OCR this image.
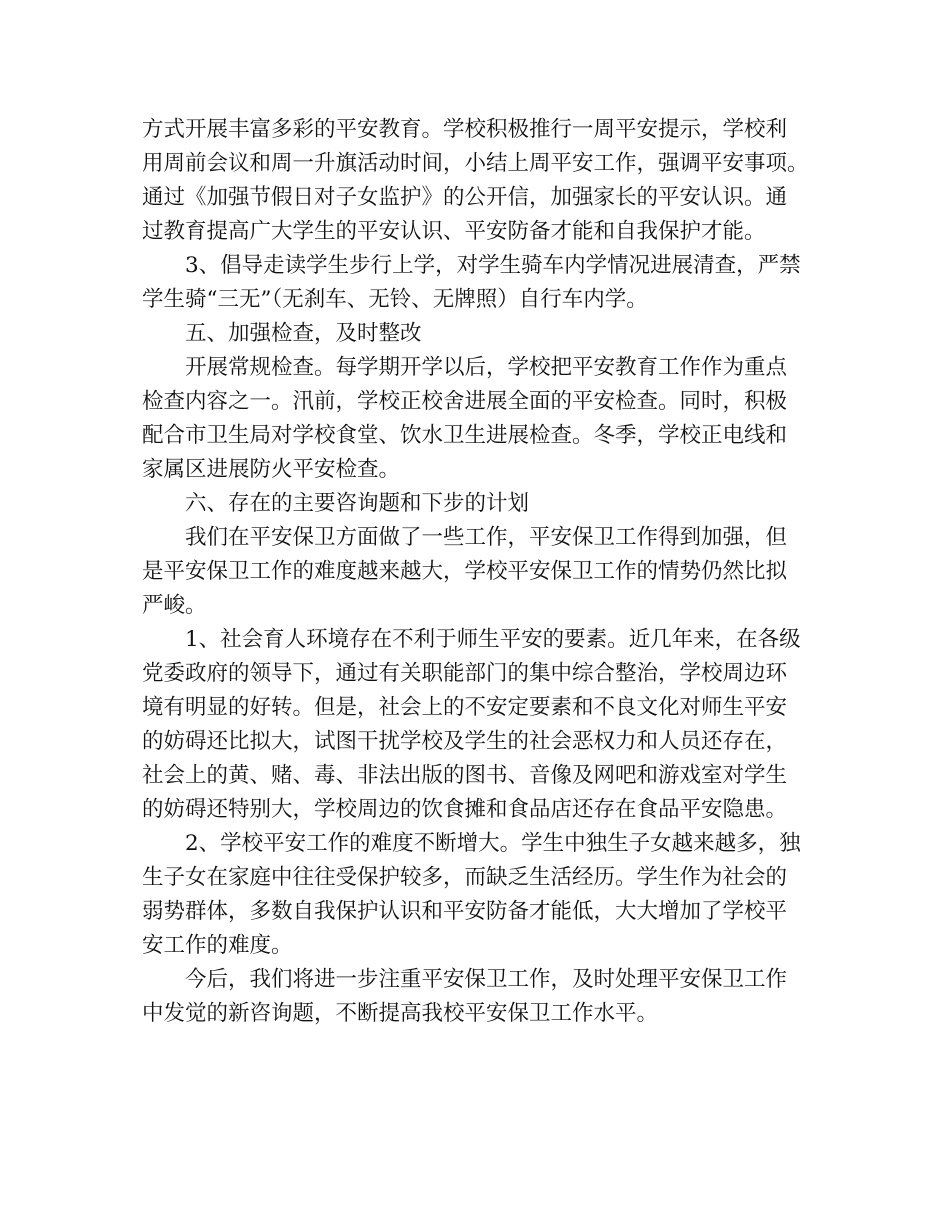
方式开展丰富多彩的平安教育。学校积极推行一周平安提示，学校利
用周前会议和周一升旗活动时间，小结上周平安工作，强调平安事项。
通过《加强节假日对子女监护》的公开信，加强家长的平安认识。通
过教育提高广大学生的平安认识、平安防备才能和自我保护才能。
3、倡导走读学生步行上学，对学生骑车内学情况进展清查，严禁
学生骑“三无”（无刹车、无铃、无牌照）自行车内学。
五、加强检查，及时整改
开展常规检查。每学期开学以后，学校把平安教育工作作为重点
检查内容之一。汛前，学校正校舍进展全面的平安检查。同时，积极
配合市卫生局对学校食堂、饮水卫生进展检查。冬季，学校正电线和
家属区进展防火平安检查。
六、存在的主要咨询题和下步的计划
我们在平安保卫方面做了一些工作，平安保卫工作得到加强，但
是平安保卫工作的难度越来越大，学校平安保卫工作的情势仍然比拟
严峻。
1、社会育人环境存在不利于师生平安的要素。近几年来，在各级
党委政府的领导下，通过有关职能部门的集中综合整治，学校周边环
境有明显的好转。但是，社会上的不安定要素和不良文化对师生平安
的妨碍还比拟大，试图干扰学校及学生的社会恶权力和人员还存在，
社会上的黄、赌、毒、非法出版的图书、音像及网吧和游戏室对学生
的妨碍还特别大，学校周边的饮食摊和食品店还存在食品平安隐患。
2、学校平安工作的难度不断增大。学生中独生子女越来越多，独
生子女在家庭中往往受保护较多，而缺乏生活经历。学生作为社会的
弱势群体，多数自我保护认识和平安防备才能低，大大增加了学校平
安工作的难度。
今后，我们将进一步注重平安保卫工作，及时处理平安保卫工作
中发觉的新咨询题，不断提高我校平安保卫工作水平。
